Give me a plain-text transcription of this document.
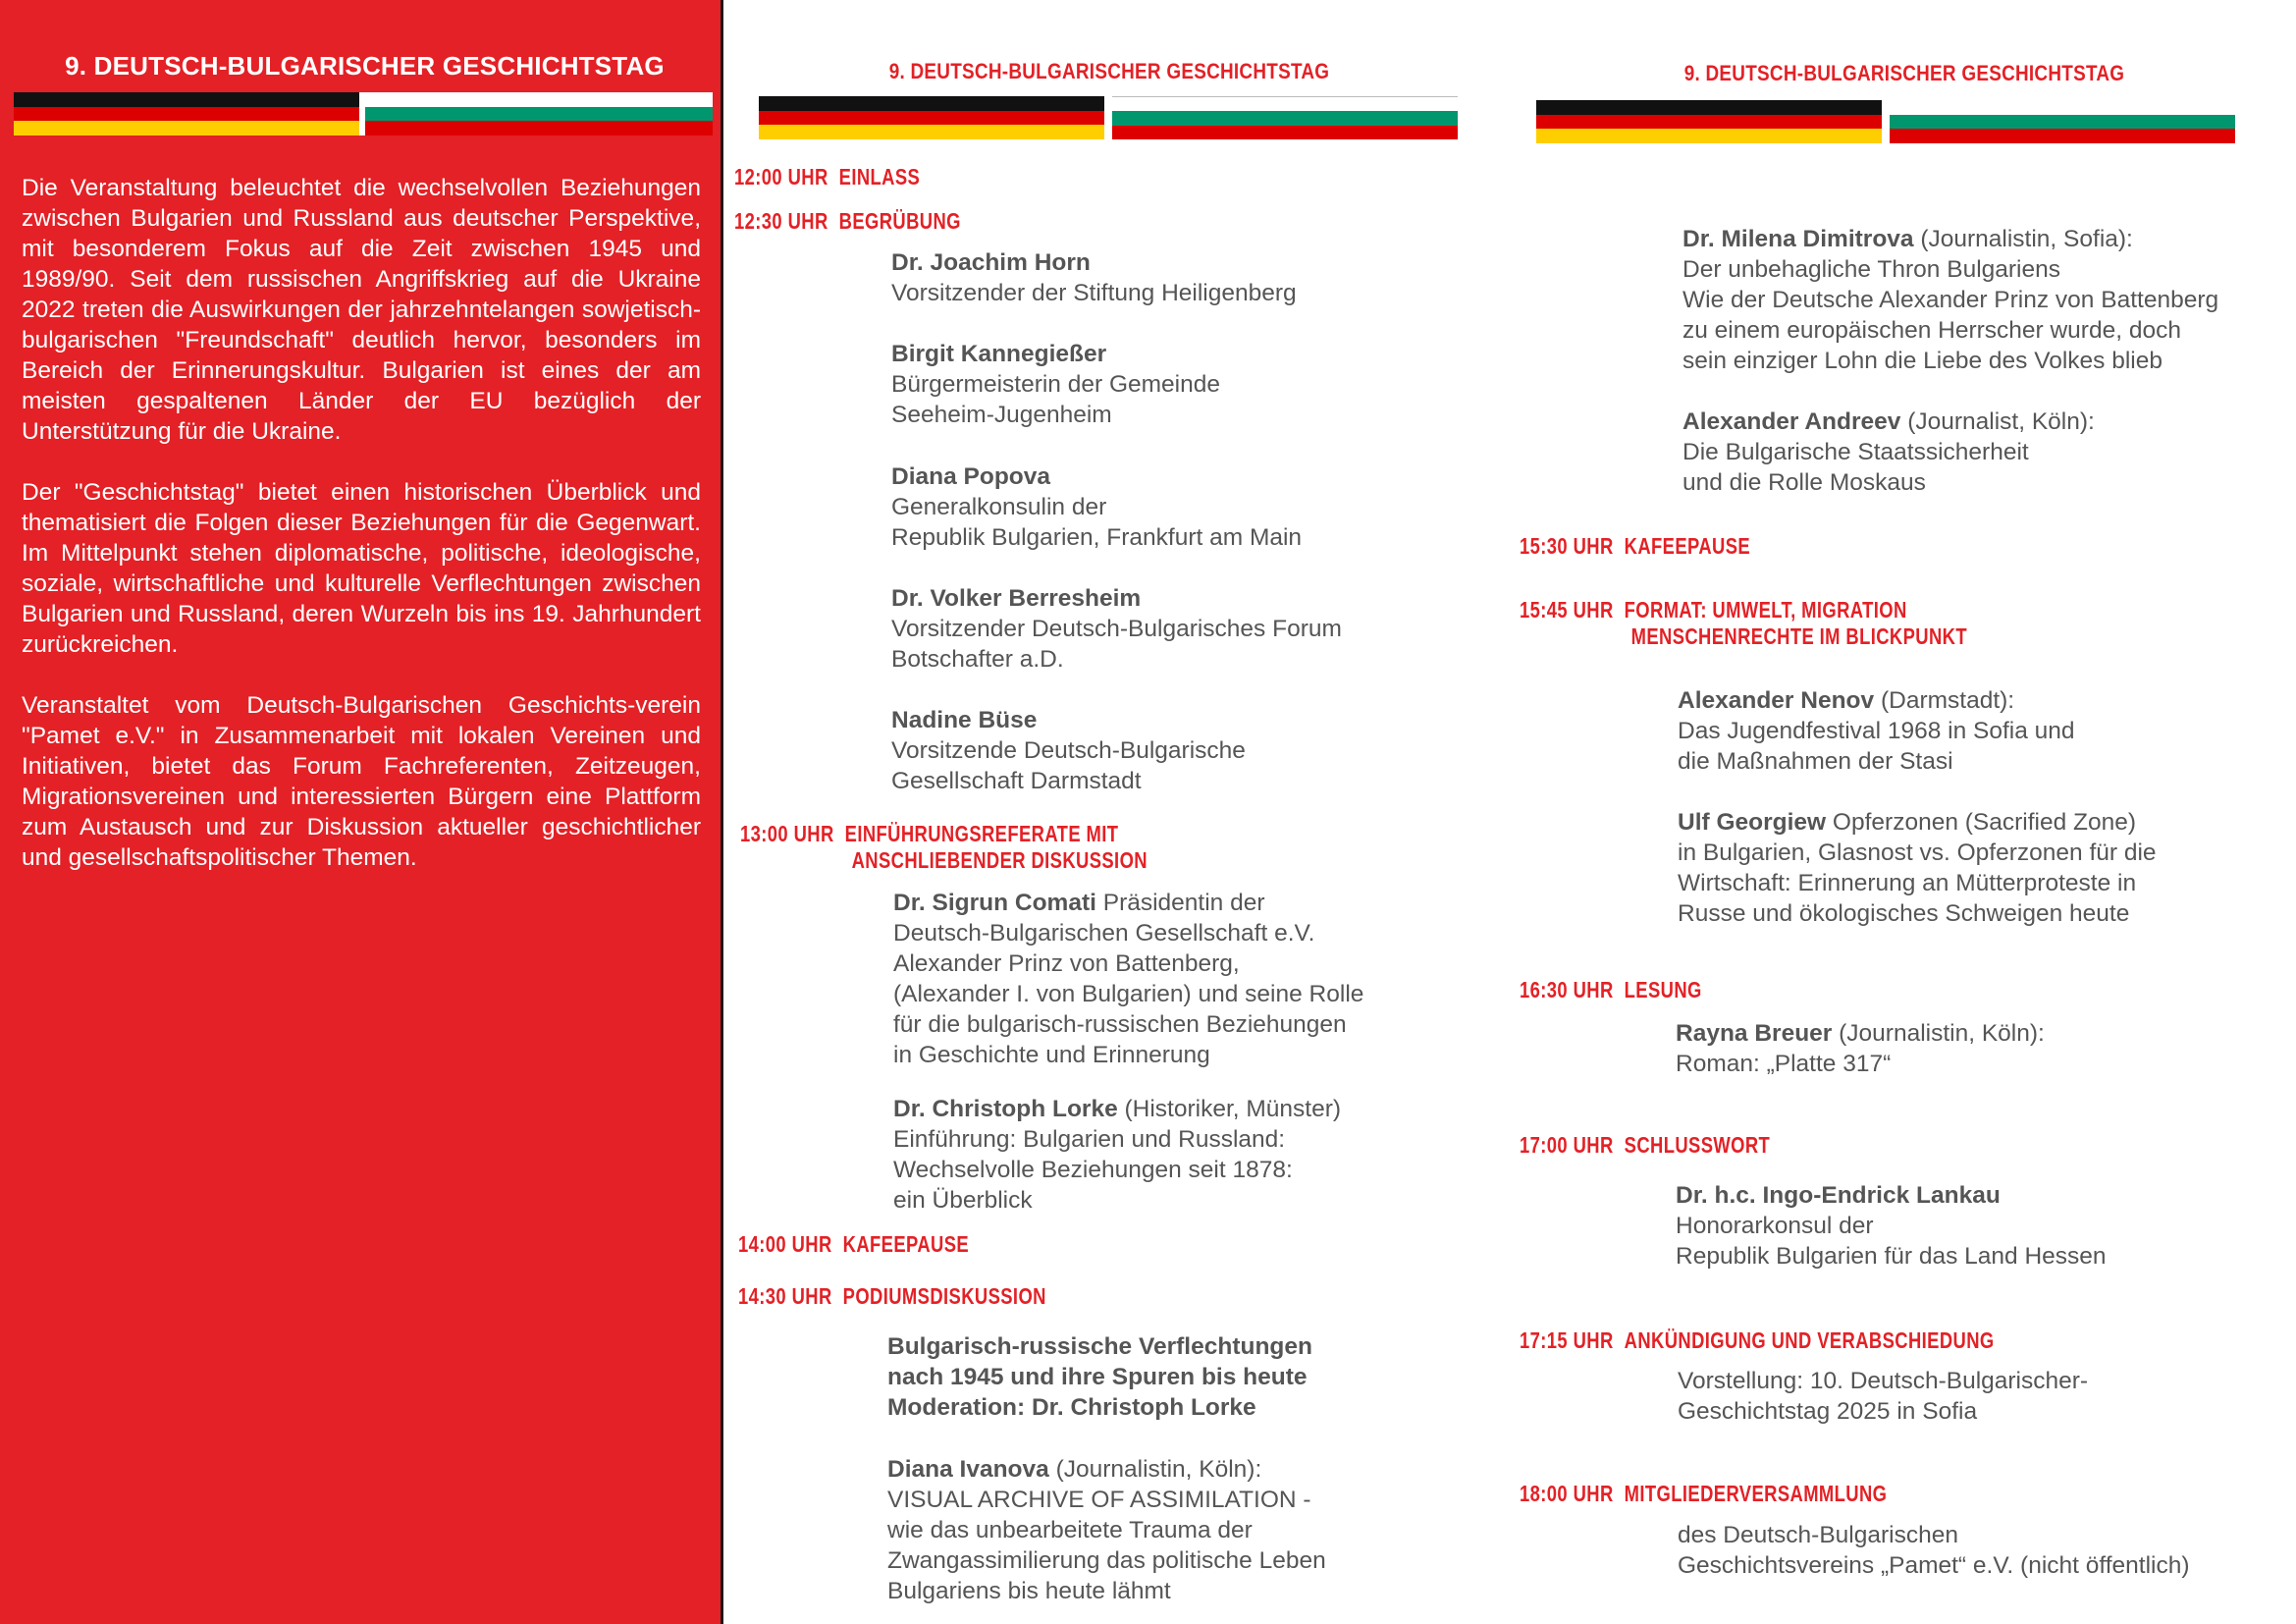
9. DEUTSCH-BULGARISCHER GESCHICHTSTAG

Die Veranstaltung beleuchtet die wechselvollen Beziehungen zwischen Bulgarien und Russland aus deutscher Perspektive, mit besonderem Fokus auf die Zeit zwischen 1945 und 1989/90. Seit dem russischen Angriffskrieg auf die Ukraine 2022 treten die Auswirkungen der jahrzehntelangen sowjetisch-bulgarischen "Freundschaft" deutlich hervor, besonders im Bereich der Erinnerungskultur. Bulgarien ist eines der am meisten gespaltenen Länder der EU bezüglich der Unterstützung für die Ukraine.

Der "Geschichtstag" bietet einen historischen Überblick und thematisiert die Folgen dieser Beziehungen für die Gegenwart. Im Mittelpunkt stehen diplomatische, politische, ideologische, soziale, wirtschaftliche und kulturelle Verflechtungen zwischen Bulgarien und Russland, deren Wurzeln bis ins 19. Jahrhundert zurückreichen.

Veranstaltet vom Deutsch-Bulgarischen Geschichts-verein "Pamet e.V." in Zusammenarbeit mit lokalen Vereinen und Initiativen, bietet das Forum Fachreferenten, Zeitzeugen, Migrationsvereinen und interessierten Bürgern eine Plattform zum Austausch und zur Diskussion aktueller geschichtlicher und gesellschaftspolitischer Themen.

9. DEUTSCH-BULGARISCHER GESCHICHTSTAG
12:00 UHR EINLASS
12:30 UHR BEGRÜBUNG
Dr. Joachim Horn
Vorsitzender der Stiftung Heiligenberg
Birgit Kannegießer
Bürgermeisterin der Gemeinde
Seeheim-Jugenheim
Diana Popova
Generalkonsulin der
Republik Bulgarien, Frankfurt am Main
Dr. Volker Berresheim
Vorsitzender Deutsch-Bulgarisches Forum
Botschafter a.D.
Nadine Büse
Vorsitzende Deutsch-Bulgarische
Gesellschaft Darmstadt
13:00 UHR EINFÜHRUNGSREFERATE MIT
ANSCHLIEBENDER DISKUSSION
Dr. Sigrun Comati Präsidentin der
Deutsch-Bulgarischen Gesellschaft e.V.
Alexander Prinz von Battenberg,
(Alexander I. von Bulgarien) und seine Rolle
für die bulgarisch-russischen Beziehungen
in Geschichte und Erinnerung
Dr. Christoph Lorke (Historiker, Münster)
Einführung: Bulgarien und Russland:
Wechselvolle Beziehungen seit 1878:
ein Überblick
14:00 UHR KAFEEPAUSE
14:30 UHR PODIUMSDISKUSSION
Bulgarisch-russische Verflechtungen
nach 1945 und ihre Spuren bis heute
Moderation: Dr. Christoph Lorke
Diana Ivanova (Journalistin, Köln):
VISUAL ARCHIVE OF ASSIMILATION -
wie das unbearbeitete Trauma der
Zwangassimilierung das politische Leben
Bulgariens bis heute lähmt
9. DEUTSCH-BULGARISCHER GESCHICHTSTAG
Dr. Milena Dimitrova (Journalistin, Sofia):
Der unbehagliche Thron Bulgariens
Wie der Deutsche Alexander Prinz von Battenberg
zu einem europäischen Herrscher wurde, doch
sein einziger Lohn die Liebe des Volkes blieb
Alexander Andreev (Journalist, Köln):
Die Bulgarische Staatssicherheit
und die Rolle Moskaus
15:30 UHR KAFEEPAUSE
15:45 UHR FORMAT: UMWELT, MIGRATION
MENSCHENRECHTE IM BLICKPUNKT
Alexander Nenov (Darmstadt):
Das Jugendfestival 1968 in Sofia und
die Maßnahmen der Stasi
Ulf Georgiew Opferzonen (Sacrified Zone)
in Bulgarien, Glasnost vs. Opferzonen für die
Wirtschaft: Erinnerung an Mütterproteste in
Russe und ökologisches Schweigen heute
16:30 UHR LESUNG
Rayna Breuer (Journalistin, Köln):
Roman: „Platte 317“
17:00 UHR SCHLUSSWORT
Dr. h.c. Ingo-Endrick Lankau
Honorarkonsul der
Republik Bulgarien für das Land Hessen
17:15 UHR ANKÜNDIGUNG UND VERABSCHIEDUNG
Vorstellung: 10. Deutsch-Bulgarischer-
Geschichtstag 2025 in Sofia
18:00 UHR MITGLIEDERVERSAMMLUNG
des Deutsch-Bulgarischen
Geschichtsvereins „Pamet“ e.V. (nicht öffentlich)
